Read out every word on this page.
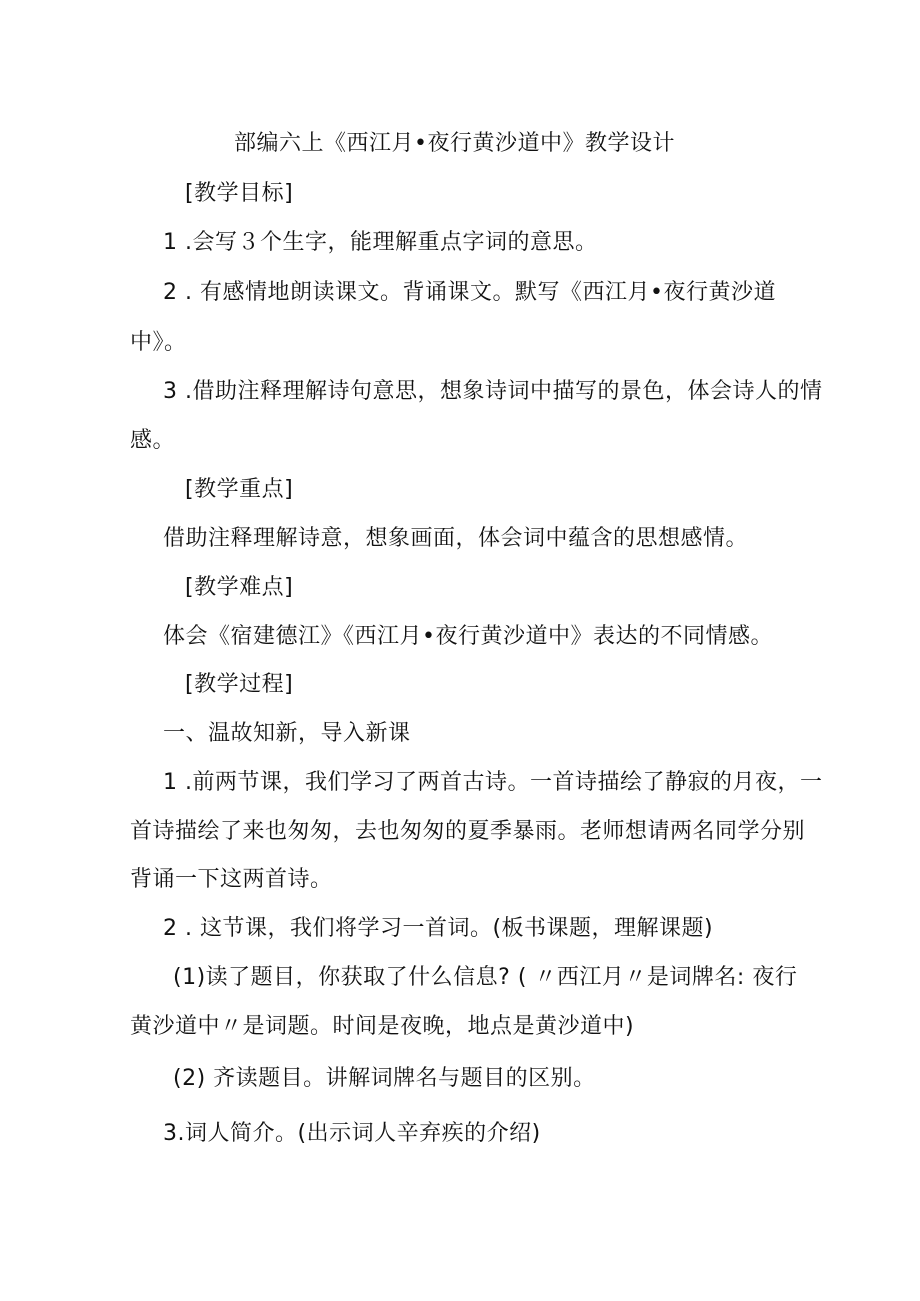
部编六上《西江月•夜行黄沙道中》教学设计
[教学目标]
1 .会写３个生字，能理解重点字词的意思。
2 . 有感情地朗读课文。背诵课文。默写《西江月•夜行黄沙道
中》。
3 .借助注释理解诗句意思，想象诗词中描写的景色，体会诗人的情
感。
[教学重点]
借助注释理解诗意，想象画面，体会词中蕴含的思想感情。
[教学难点]
体会《宿建德江》《西江月•夜行黄沙道中》表达的不同情感。
[教学过程]
一、温故知新，导入新课
1 .前两节课，我们学习了两首古诗。一首诗描绘了静寂的月夜，一
首诗描绘了来也匆匆，去也匆匆的夏季暴雨。老师想请两名同学分别
背诵一下这两首诗。
2 . 这节课，我们将学习一首词。(板书课题，理解课题)
(1)读了题目，你获取了什么信息? ( 〃西江月〃是词牌名: 夜行
黄沙道中〃是词题。时间是夜晚，地点是黄沙道中)
(2) 齐读题目。讲解词牌名与题目的区别。
3.词人简介。(出示词人辛弃疾的介绍)
